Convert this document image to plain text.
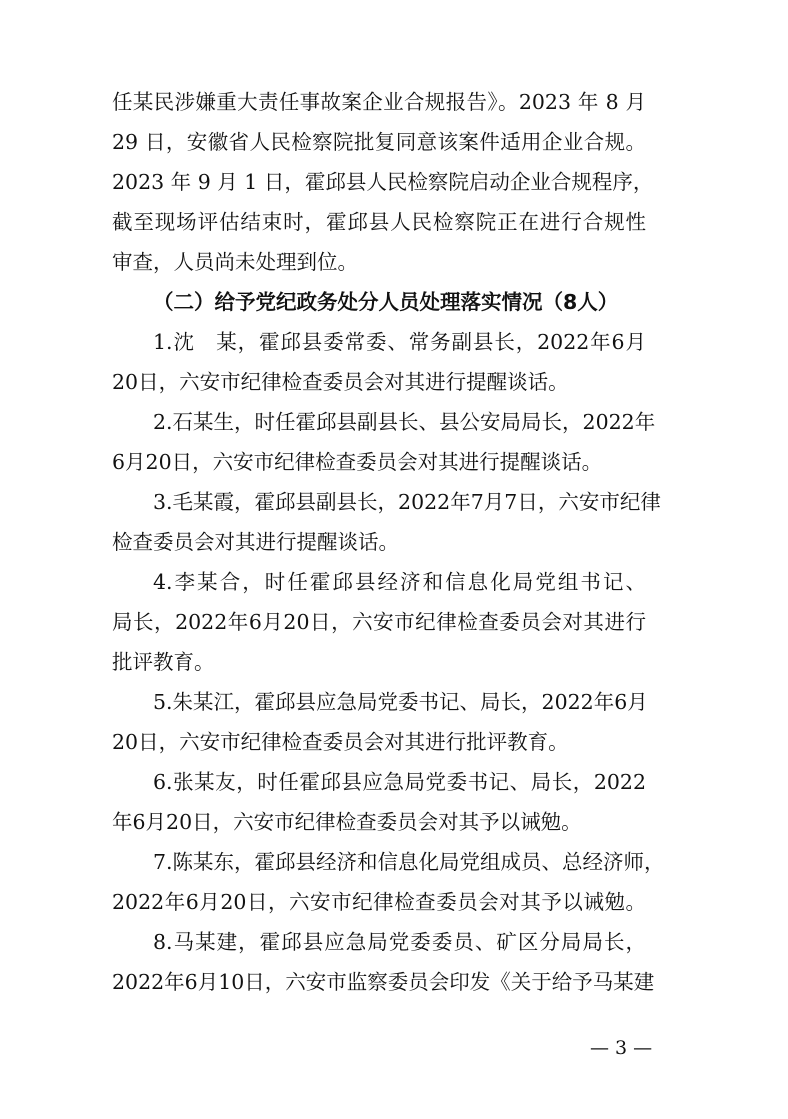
任某民涉嫌重大责任事故案企业合规报告》。2023 年 8 月
29 日，安徽省人民检察院批复同意该案件适用企业合规。
2023 年 9 月 1 日，霍邱县人民检察院启动企业合规程序，
截至现场评估结束时，霍邱县人民检察院正在进行合规性
审查，人员尚未处理到位。
（二）给予党纪政务处分人员处理落实情况（8人）
1.沈　某，霍邱县委常委、常务副县长，2022年6月
20日，六安市纪律检查委员会对其进行提醒谈话。
2.石某生，时任霍邱县副县长、县公安局局长，2022年
6月20日，六安市纪律检查委员会对其进行提醒谈话。
3.毛某霞，霍邱县副县长，2022年7月7日，六安市纪律
检查委员会对其进行提醒谈话。
4.李某合，时任霍邱县经济和信息化局党组书记、
局长，2022年6月20日，六安市纪律检查委员会对其进行
批评教育。
5.朱某江，霍邱县应急局党委书记、局长，2022年6月
20日，六安市纪律检查委员会对其进行批评教育。
6.张某友，时任霍邱县应急局党委书记、局长，2022
年6月20日，六安市纪律检查委员会对其予以诫勉。
7.陈某东，霍邱县经济和信息化局党组成员、总经济师，
2022年6月20日，六安市纪律检查委员会对其予以诫勉。
8.马某建，霍邱县应急局党委委员、矿区分局局长，
2022年6月10日，六安市监察委员会印发《关于给予马某建
— 3 —
